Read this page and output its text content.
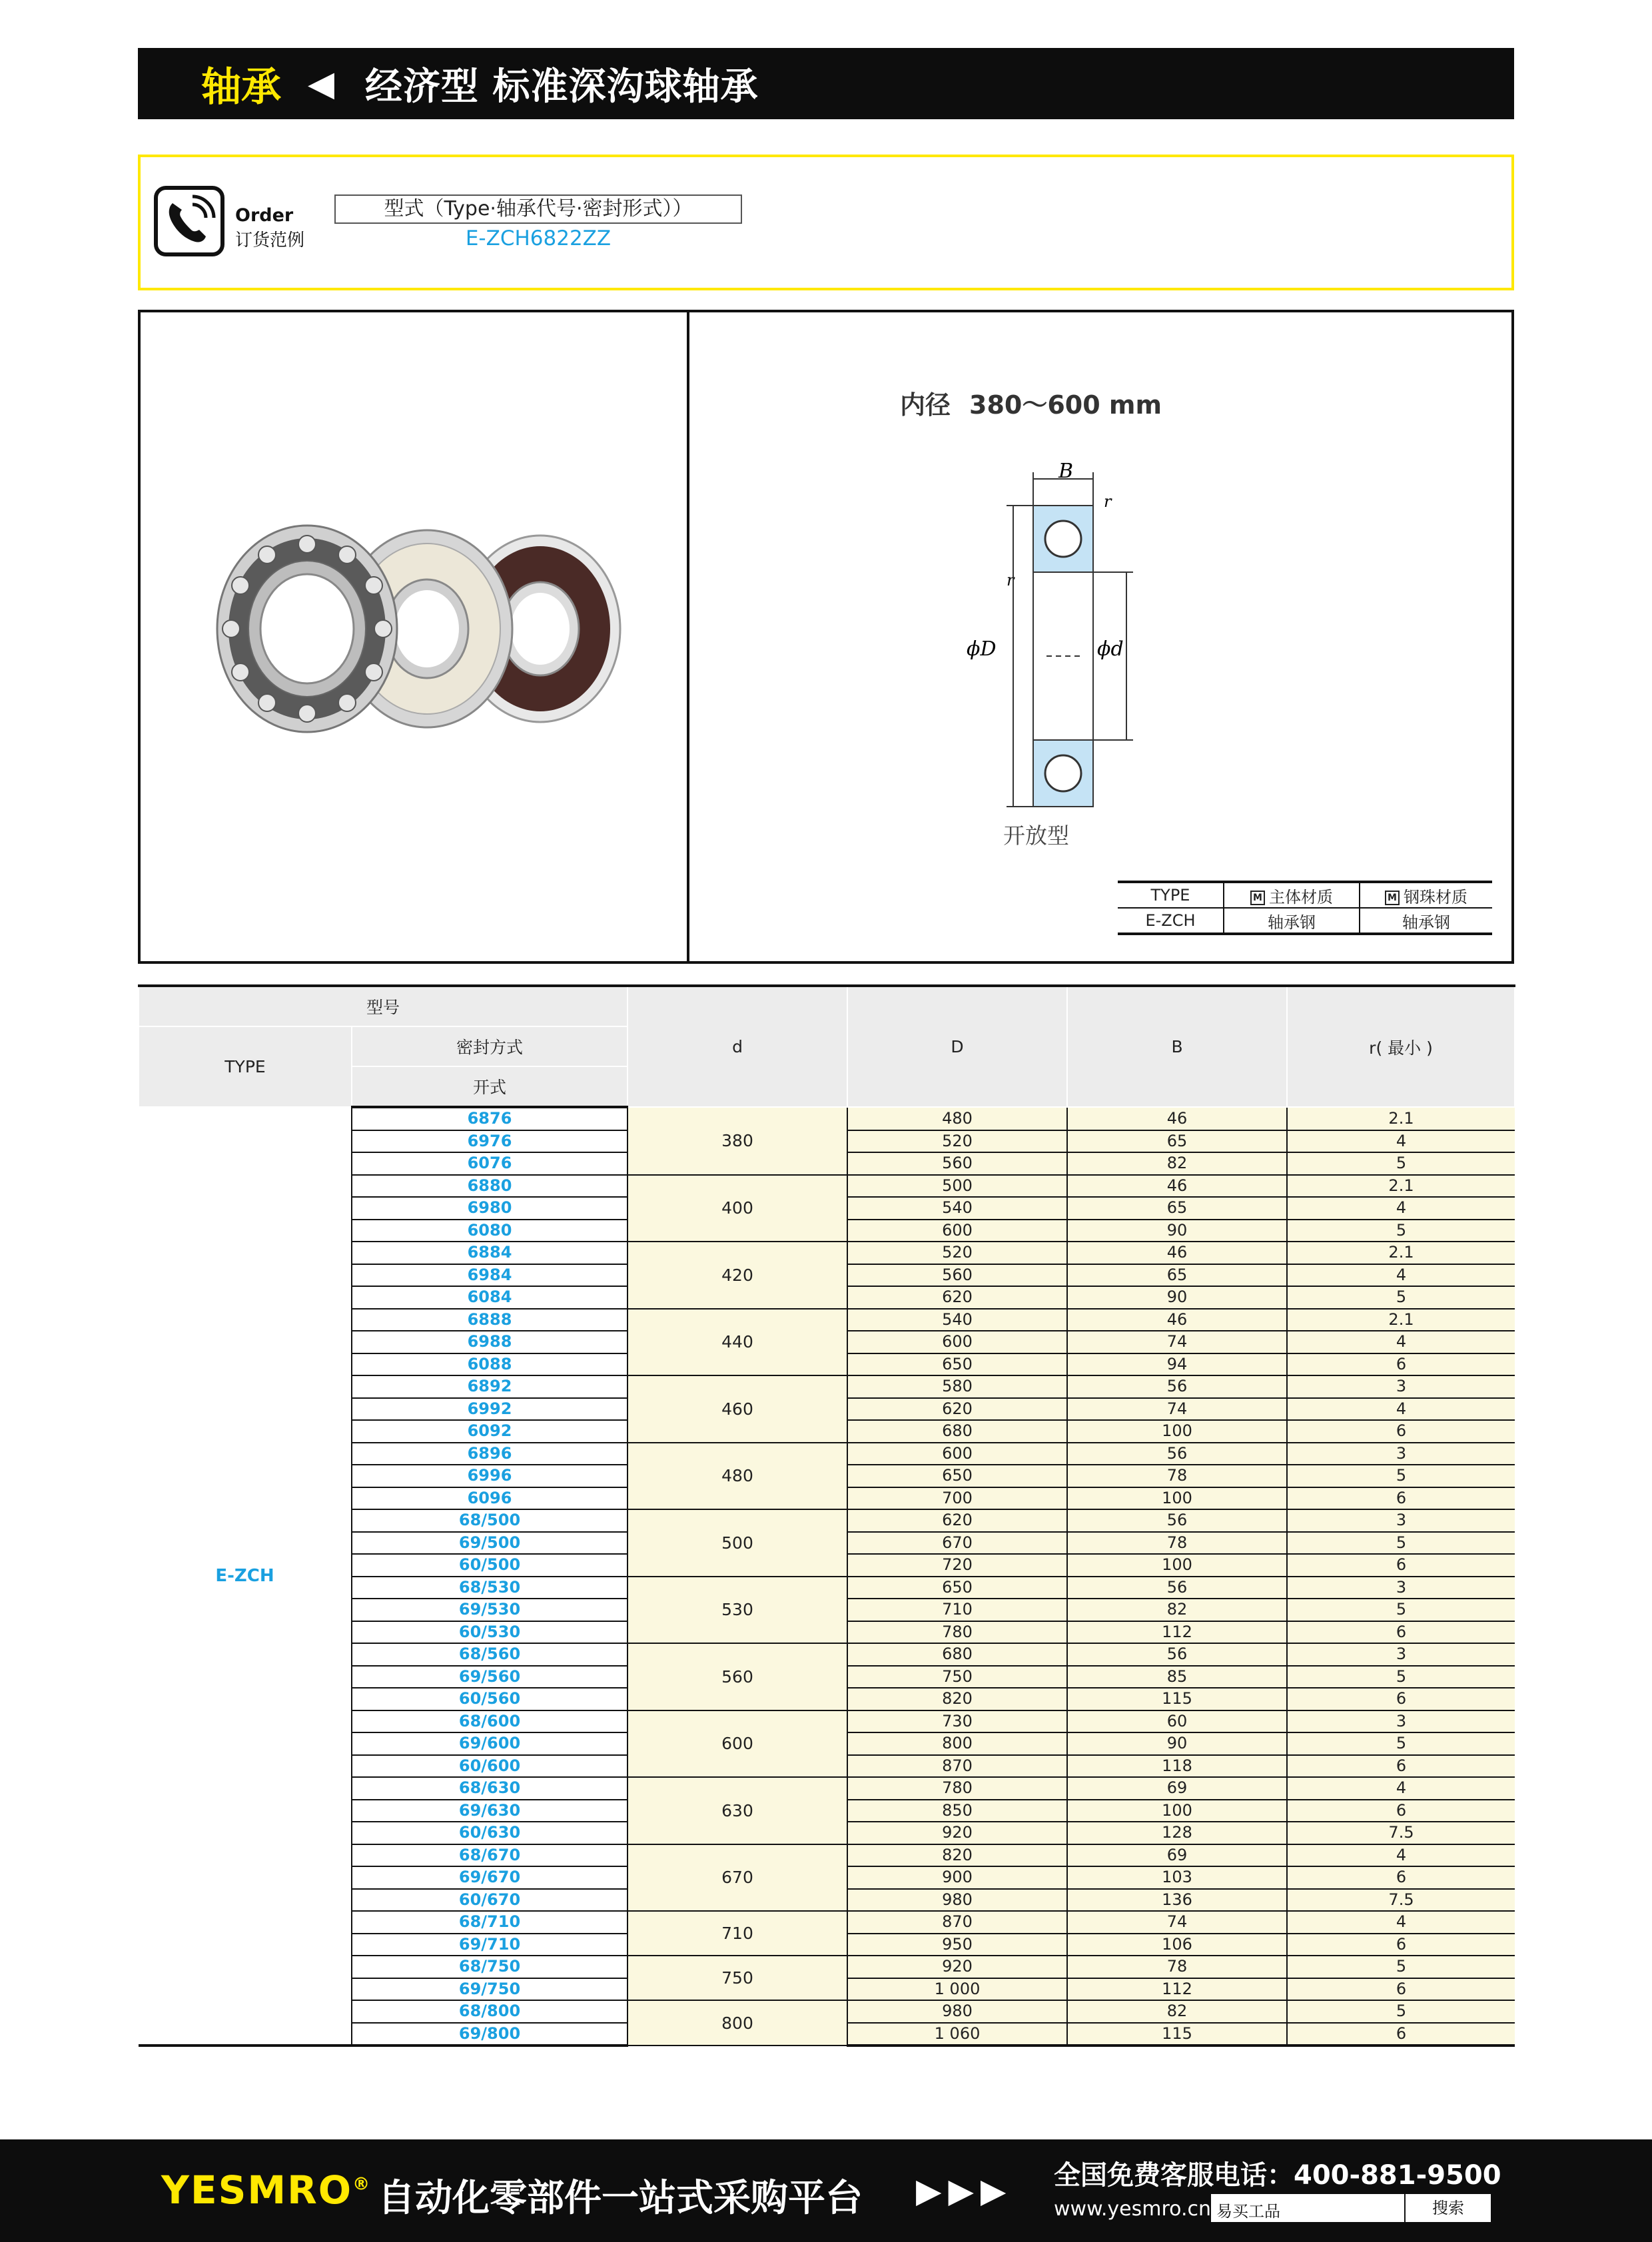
轴承 ◀ 经济型 标准深沟球轴承
Order
订货范例
型式（Type·轴承代号·密封形式））
E-ZCH6822ZZ
内径 380～600 mm
B
r
r
ϕD	ϕd
开放型
TYPE	M 主体材质	M 钢珠材质
E-ZCH	轴承钢	轴承钢
型号		d	D	B	r( 最小 )
TYPE	密封方式				
	开式				
E-ZCH	6876	380	480	46	2.1
	6976		520	65	4
	6076		560	82	5
	6880	400	500	46	2.1
	6980		540	65	4
	6080		600	90	5
	6884	420	520	46	2.1
	6984		560	65	4
	6084		620	90	5
	6888	440	540	46	2.1
	6988		600	74	4
	6088		650	94	6
	6892	460	580	56	3
	6992		620	74	4
	6092		680	100	6
	6896	480	600	56	3
	6996		650	78	5
	6096		700	100	6
	68/500	500	620	56	3
	69/500		670	78	5
	60/500		720	100	6
	68/530	530	650	56	3
	69/530		710	82	5
	60/530		780	112	6
	68/560	560	680	56	3
	69/560		750	85	5
	60/560		820	115	6
	68/600	600	730	60	3
	69/600		800	90	5
	60/600		870	118	6
	68/630	630	780	69	4
	69/630		850	100	6
	60/630		920	128	7.5
	68/670	670	820	69	4
	69/670		900	103	6
	60/670		980	136	7.5
	68/710	710	870	74	4
	69/710		950	106	6
	68/750	750	920	78	5
	69/750		1 000	112	6
	68/800	800	980	82	5
	69/800		1 060	115	6
YESMRO® 自动化零部件一站式采购平台 ▶▶▶ 全国免费客服电话：400-881-9500
www.yesmro.cn 易买工品	搜索
